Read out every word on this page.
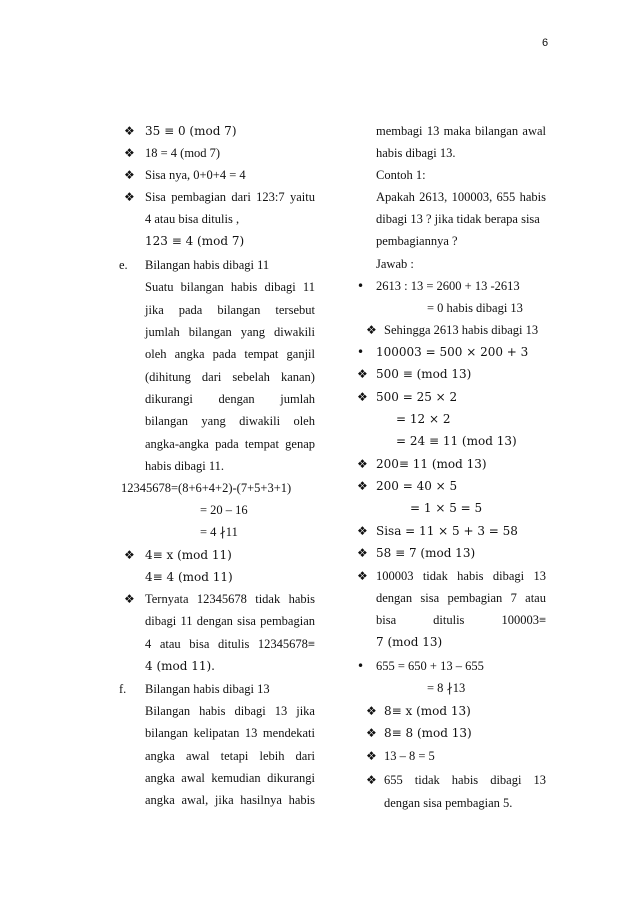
6
❖ 35 ≡ 0 (mod 7)
❖ 18 = 4 (mod 7)
❖ Sisa nya, 0+0+4 = 4
❖ Sisa pembagian dari 123:7 yaitu
4 atau bisa ditulis ,
123 ≡ 4 (mod 7)
e. Bilangan habis dibagi 11
Suatu bilangan habis dibagi 11
jika pada bilangan tersebut
jumlah bilangan yang diwakili
oleh angka pada tempat ganjil
(dihitung dari sebelah kanan)
dikurangi dengan jumlah
bilangan yang diwakili oleh
angka-angka pada tempat genap
habis dibagi 11.
12345678=(8+6+4+2)-(7+5+3+1)
= 20 – 16
= 4 ∤11
❖ 4≡ x (mod 11)
4≡ 4 (mod 11)
❖ Ternyata 12345678 tidak habis
dibagi 11 dengan sisa pembagian
4 atau bisa ditulis 12345678≡
4 (mod 11).
f. Bilangan habis dibagi 13
Bilangan habis dibagi 13 jika
bilangan kelipatan 13 mendekati
angka awal tetapi lebih dari
angka awal kemudian dikurangi
angka awal, jika hasilnya habis
membagi 13 maka bilangan awal
habis dibagi 13.
Contoh 1:
Apakah 2613, 100003, 655 habis
dibagi 13 ? jika tidak berapa sisa
pembagiannya ?
Jawab :
• 2613 : 13 = 2600 + 13 -2613
= 0 habis dibagi 13
❖ Sehingga 2613 habis dibagi 13
• 100003 = 500 × 200 + 3
❖ 500 ≡ (mod 13)
❖ 500 = 25 × 2
= 12 × 2
= 24 ≡ 11 (mod 13)
❖ 200≡ 11 (mod 13)
❖ 200 = 40 × 5
= 1 × 5 = 5
❖ Sisa = 11 × 5 + 3 = 58
❖ 58 ≡ 7 (mod 13)
❖ 100003 tidak habis dibagi 13
dengan sisa pembagian 7 atau
bisa	ditulis	100003≡
7 (mod 13)
• 655 = 650 + 13 – 655
= 8 ∤13
❖ 8≡ x (mod 13)
❖ 8≡ 8 (mod 13)
❖ 13 – 8 = 5
❖ 655 tidak habis dibagi 13
dengan sisa pembagian 5.
